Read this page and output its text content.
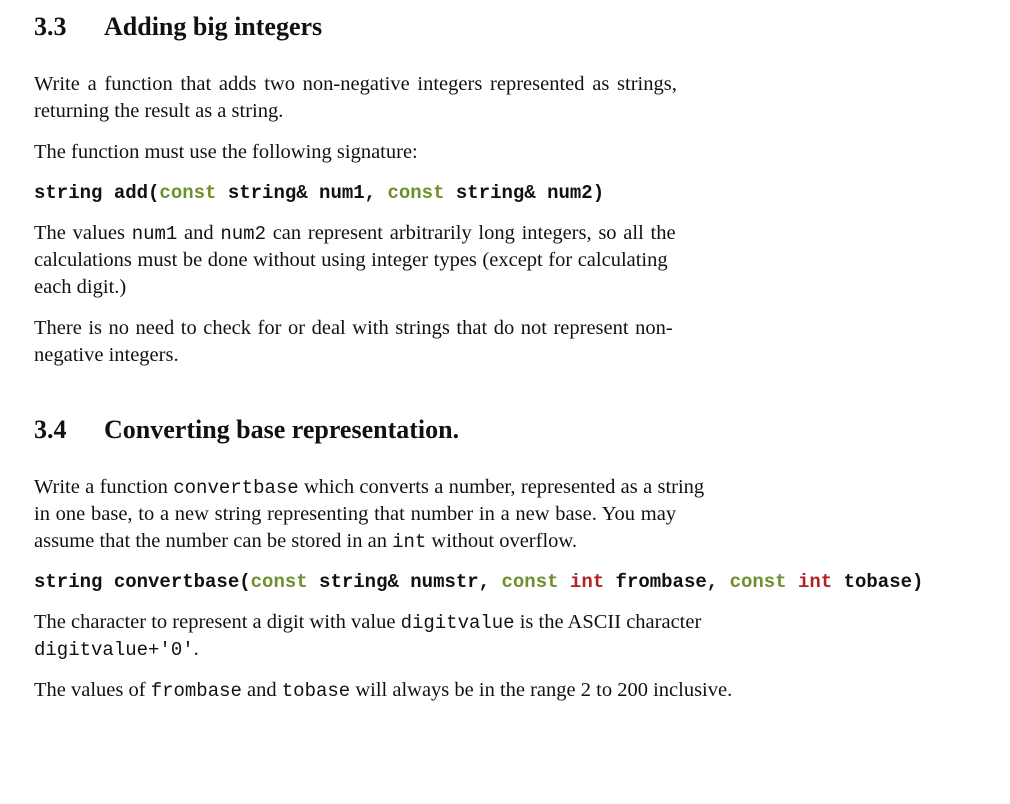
3.3 Adding big integers
Write a function that adds two non-negative integers represented as strings,
returning the result as a string.
The function must use the following signature:
string add(const string& num1, const string& num2)
The values num1 and num2 can represent arbitrarily long integers, so all the
calculations must be done without using integer types (except for calculating
each digit.)
There is no need to check for or deal with strings that do not represent non-
negative integers.
3.4 Converting base representation.
Write a function convertbase which converts a number, represented as a string
in one base, to a new string representing that number in a new base. You may
assume that the number can be stored in an int without overflow.
string convertbase(const string& numstr, const int frombase, const int tobase)
The character to represent a digit with value digitvalue is the ASCII character
digitvalue+'0'.
The values of frombase and tobase will always be in the range 2 to 200 inclusive.
